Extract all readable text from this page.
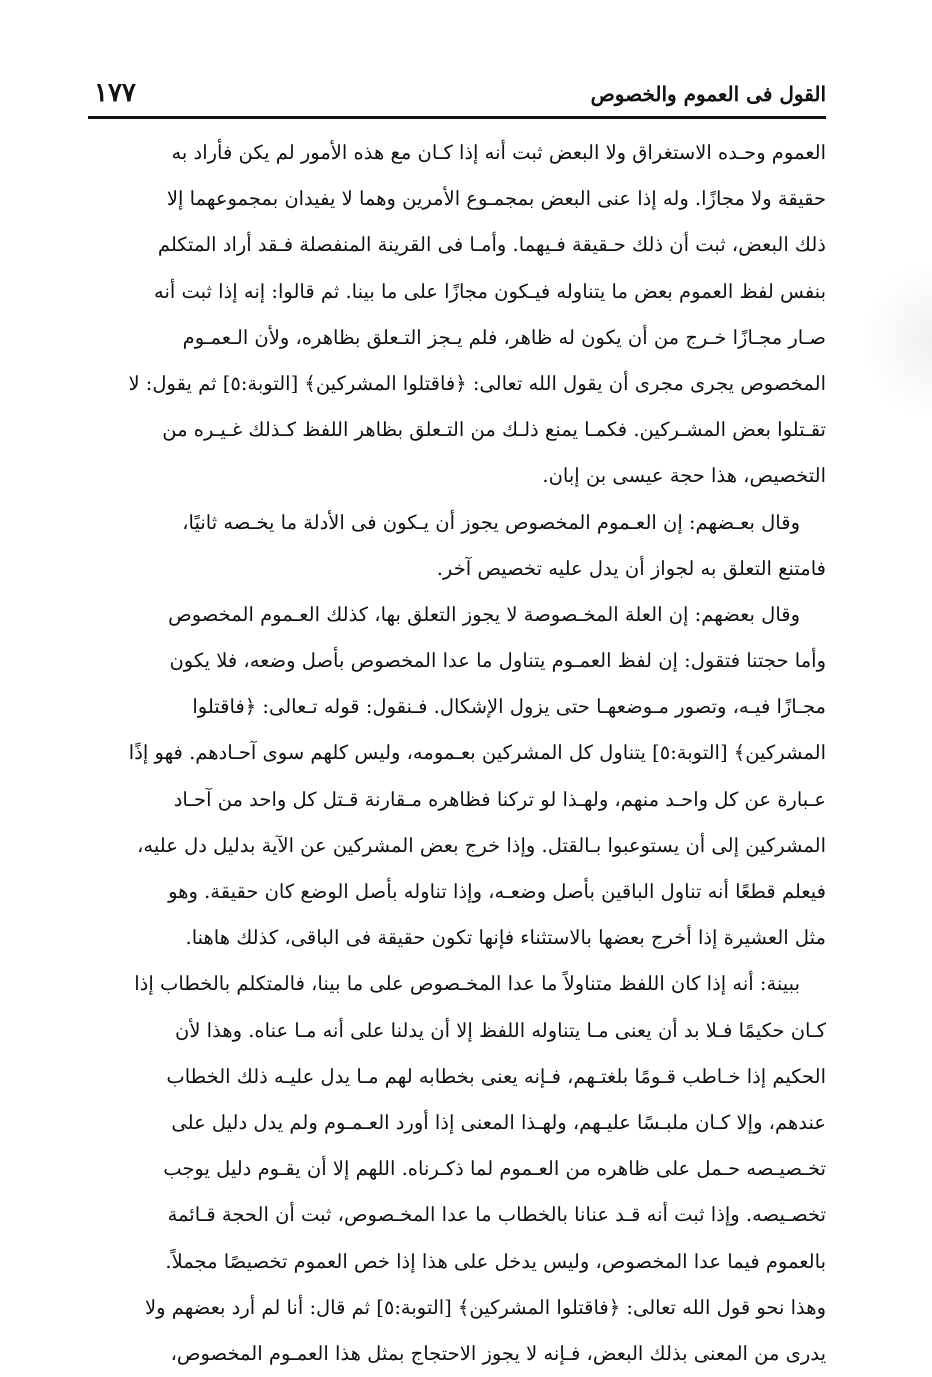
القول فى العموم والخصوص
١٧٧
العموم وحـده الاستغراق ولا البعض ثبت أنه إذا كـان مع هذه الأمور لم يكن فأراد به
حقيقة ولا مجازًا. وله إذا عنى البعض بمجمـوع الأمرين وهما لا يفيدان بمجموعهما إلا
ذلك البعض، ثبت أن ذلك حـقيقة فـيهما. وأمـا فى القرينة المنفصلة فـقد أراد المتكلم
بنفس لفظ العموم بعض ما يتناوله فيـكون مجازًا على ما بينا. ثم قالوا: إنه إذا ثبت أنه
صـار مجـازًا خـرج من أن يكون له ظاهر، فلم يـجز التـعلق بظاهره، ولأن الـعمـوم
المخصوص يجرى مجرى أن يقول الله تعالى: ﴿فاقتلوا المشركين﴾ [التوبة:٥] ثم يقول: لا
تقـتلوا بعض المشـركين. فكمـا يمنع ذلـك من التـعلق بظاهر اللفظ كـذلك غـيـره من
التخصيص، هذا حجة عيسى بن إبان.
وقال بعـضهم: إن العـموم المخصوص يجوز أن يـكون فى الأدلة ما يخـصه ثانيًا،
فامتنع التعلق به لجواز أن يدل عليه تخصيص آخر.
وقال بعضهم: إن العلة المخـصوصة لا يجوز التعلق بها، كذلك العـموم المخصوص
وأما حجتنا فتقول: إن لفظ العمـوم يتناول ما عدا المخصوص بأصل وضعه، فلا يكون
مجـازًا فيـه، وتصور مـوضعهـا حتى يزول الإشكال. فـنقول: قوله تـعالى: ﴿فاقتلوا
المشركين﴾ [التوبة:٥] يتناول كل المشركين بعـمومه، وليس كلهم سوى آحـادهم. فهو إذًا
عـبارة عن كل واحـد منهم، ولهـذا لو تركنا فظاهره مـقارنة قـتل كل واحد من آحـاد
المشركين إلى أن يستوعبوا بـالقتل. وإذا خرج بعض المشركين عن الآية بدليل دل عليه،
فيعلم قطعًا أنه تناول الباقين بأصل وضعـه، وإذا تناوله بأصل الوضع كان حقيقة. وهو
مثل العشيرة إذا أخرج بعضها بالاستثناء فإنها تكون حقيقة فى الباقى، كذلك هاهنا.
ببينة: أنه إذا كان اللفظ متناولاً ما عدا المخـصوص على ما بينا، فالمتكلم بالخطاب إذا
كـان حكيمًا فـلا بد أن يعنى مـا يتناوله اللفظ إلا أن يدلنا على أنه مـا عناه. وهذا لأن
الحكيم إذا خـاطب قـومًا بلغتـهم، فـإنه يعنى بخطابه لهم مـا يدل عليـه ذلك الخطاب
عندهم، وإلا كـان ملبـسًا عليـهم، ولهـذا المعنى إذا أورد العـمـوم ولم يدل دليل على
تخـصيـصه حـمل على ظاهره من العـموم لما ذكـرناه. اللهم إلا أن يقـوم دليل يوجب
تخصـيصه. وإذا ثبت أنه قـد عنانا بالخطاب ما عدا المخـصوص، ثبت أن الحجة قـائمة
بالعموم فيما عدا المخصوص، وليس يدخل على هذا إذا خص العموم تخصيصًا مجملاً.
وهذا نحو قول الله تعالى: ﴿فاقتلوا المشركين﴾ [التوبة:٥] ثم قال: أنا لم أرد بعضهم ولا
يدرى من المعنى بذلك البعض، فـإنه لا يجوز الاحتجاج بمثل هذا العمـوم المخصوص،
